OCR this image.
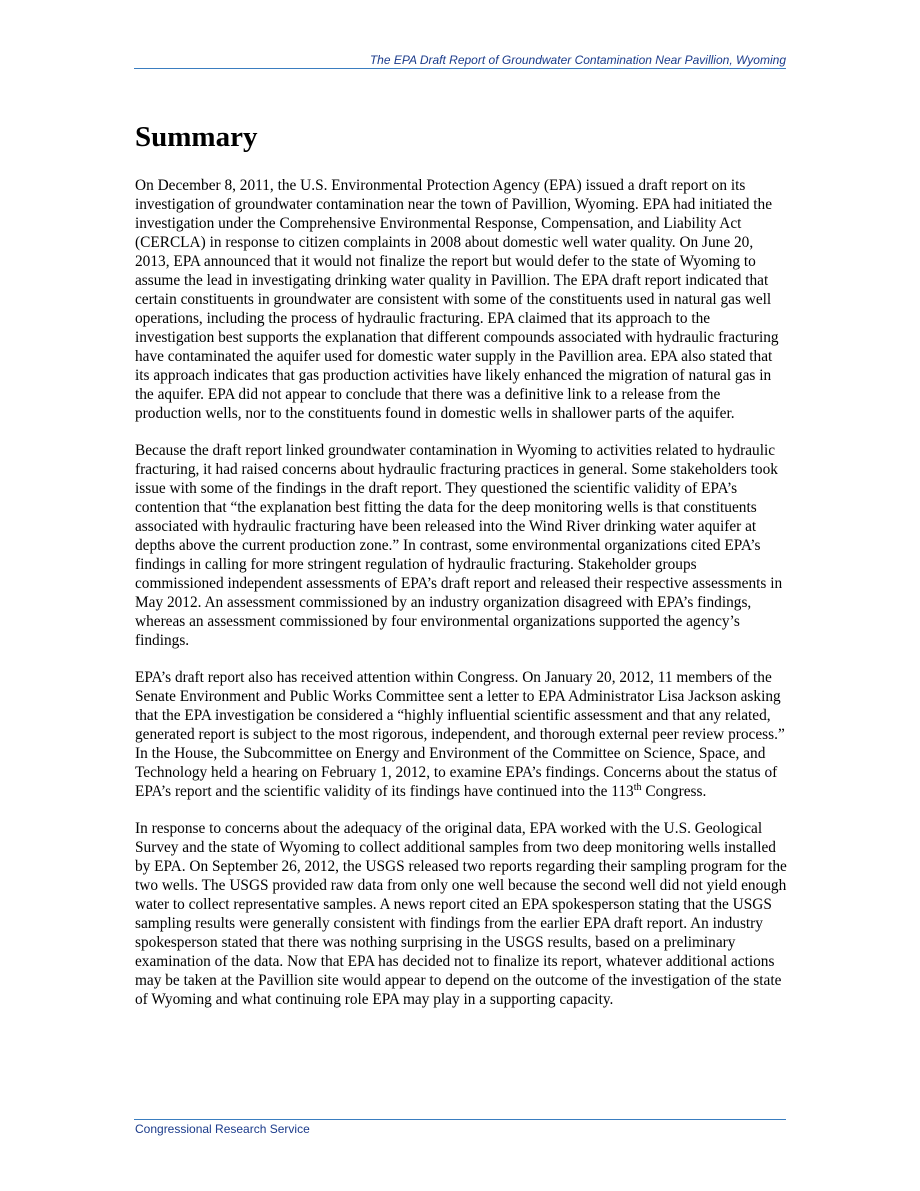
The EPA Draft Report of Groundwater Contamination Near Pavillion, Wyoming
Summary

On December 8, 2011, the U.S. Environmental Protection Agency (EPA) issued a draft report on its investigation of groundwater contamination near the town of Pavillion, Wyoming. EPA had initiated the investigation under the Comprehensive Environmental Response, Compensation, and Liability Act (CERCLA) in response to citizen complaints in 2008 about domestic well water quality. On June 20, 2013, EPA announced that it would not finalize the report but would defer to the state of Wyoming to assume the lead in investigating drinking water quality in Pavillion. The EPA draft report indicated that certain constituents in groundwater are consistent with some of the constituents used in natural gas well operations, including the process of hydraulic fracturing. EPA claimed that its approach to the investigation best supports the explanation that different compounds associated with hydraulic fracturing have contaminated the aquifer used for domestic water supply in the Pavillion area. EPA also stated that its approach indicates that gas production activities have likely enhanced the migration of natural gas in the aquifer. EPA did not appear to conclude that there was a definitive link to a release from the production wells, nor to the constituents found in domestic wells in shallower parts of the aquifer.

Because the draft report linked groundwater contamination in Wyoming to activities related to hydraulic fracturing, it had raised concerns about hydraulic fracturing practices in general. Some stakeholders took issue with some of the findings in the draft report. They questioned the scientific validity of EPA’s contention that “the explanation best fitting the data for the deep monitoring wells is that constituents associated with hydraulic fracturing have been released into the Wind River drinking water aquifer at depths above the current production zone.” In contrast, some environmental organizations cited EPA’s findings in calling for more stringent regulation of hydraulic fracturing. Stakeholder groups commissioned independent assessments of EPA’s draft report and released their respective assessments in May 2012. An assessment commissioned by an industry organization disagreed with EPA’s findings, whereas an assessment commissioned by four environmental organizations supported the agency’s findings.

EPA’s draft report also has received attention within Congress. On January 20, 2012, 11 members of the Senate Environment and Public Works Committee sent a letter to EPA Administrator Lisa Jackson asking that the EPA investigation be considered a “highly influential scientific assessment and that any related, generated report is subject to the most rigorous, independent, and thorough external peer review process.” In the House, the Subcommittee on Energy and Environment of the Committee on Science, Space, and Technology held a hearing on February 1, 2012, to examine EPA’s findings. Concerns about the status of EPA’s report and the scientific validity of its findings have continued into the 113th Congress.

In response to concerns about the adequacy of the original data, EPA worked with the U.S. Geological Survey and the state of Wyoming to collect additional samples from two deep monitoring wells installed by EPA. On September 26, 2012, the USGS released two reports regarding their sampling program for the two wells. The USGS provided raw data from only one well because the second well did not yield enough water to collect representative samples. A news report cited an EPA spokesperson stating that the USGS sampling results were generally consistent with findings from the earlier EPA draft report. An industry spokesperson stated that there was nothing surprising in the USGS results, based on a preliminary examination of the data. Now that EPA has decided not to finalize its report, whatever additional actions may be taken at the Pavillion site would appear to depend on the outcome of the investigation of the state of Wyoming and what continuing role EPA may play in a supporting capacity.

Congressional Research Service
